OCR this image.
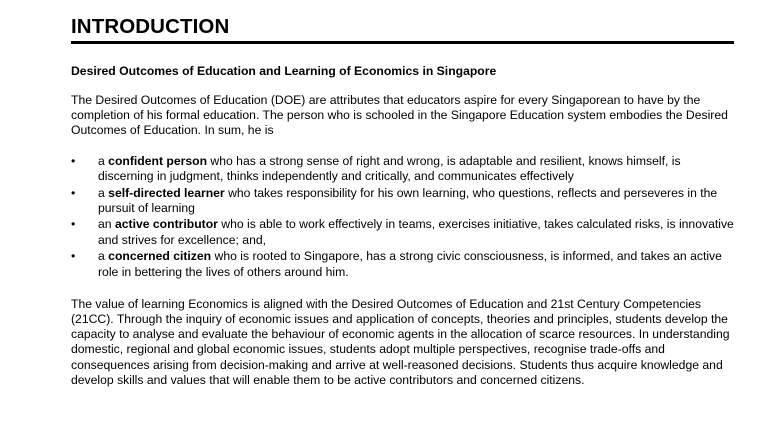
INTRODUCTION
Desired Outcomes of Education and Learning of Economics in Singapore
The Desired Outcomes of Education (DOE) are attributes that educators aspire for every Singaporean to have by the completion of his formal education. The person who is schooled in the Singapore Education system embodies the Desired Outcomes of Education. In sum, he is
•	a confident person who has a strong sense of right and wrong, is adaptable and resilient, knows himself, is discerning in judgment, thinks independently and critically, and communicates effectively
•	a self-directed learner who takes responsibility for his own learning, who questions, reflects and perseveres in the pursuit of learning
•	an active contributor who is able to work effectively in teams, exercises initiative, takes calculated risks, is innovative and strives for excellence; and,
•	a concerned citizen who is rooted to Singapore, has a strong civic consciousness, is informed, and takes an active role in bettering the lives of others around him.
The value of learning Economics is aligned with the Desired Outcomes of Education and 21st Century Competencies (21CC). Through the inquiry of economic issues and application of concepts, theories and principles, students develop the capacity to analyse and evaluate the behaviour of economic agents in the allocation of scarce resources. In understanding domestic, regional and global economic issues, students adopt multiple perspectives, recognise trade-offs and consequences arising from decision-making and arrive at well-reasoned decisions. Students thus acquire knowledge and develop skills and values that will enable them to be active contributors and concerned citizens.
